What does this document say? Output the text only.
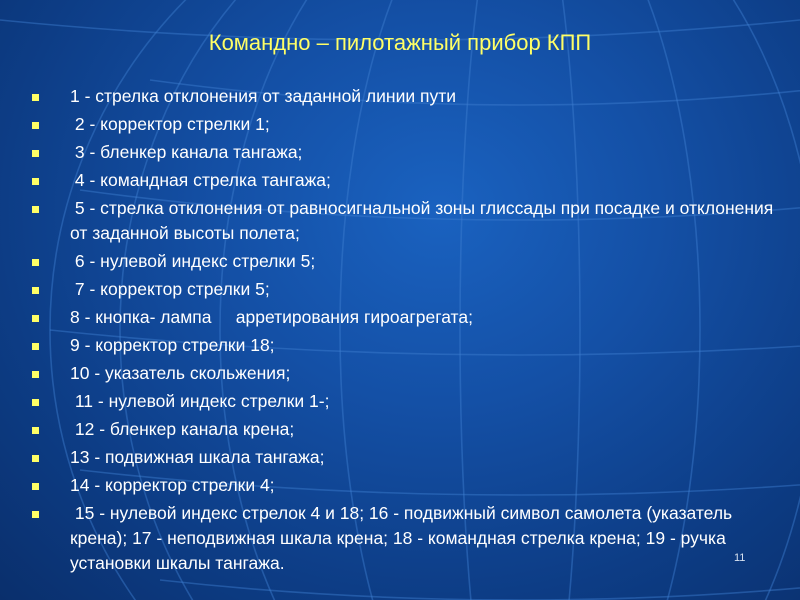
Командно – пилотажный прибор КПП
1 - стрелка отклонения от заданной линии пути
2 - корректор стрелки 1;
3 - бленкер канала тангажа;
4 - командная стрелка тангажа;
5 - стрелка отклонения от равносигнальной зоны глиссады при посадке и отклонения от заданной высоты полета;
6 - нулевой индекс стрелки 5;
7 - корректор стрелки 5;
8 - кнопка- лампа     арретирования гироагрегата;
9 - корректор стрелки 18;
10 - указатель скольжения;
11 - нулевой индекс стрелки 1-;
12 - бленкер канала крена;
13 - подвижная шкала тангажа;
14 - корректор стрелки 4;
15 - нулевой индекс стрелок 4 и 18; 16 - подвижный символ самолета (указатель крена); 17 - неподвижная шкала крена; 18 - командная стрелка крена; 19 - ручка установки шкалы тангажа.	11
